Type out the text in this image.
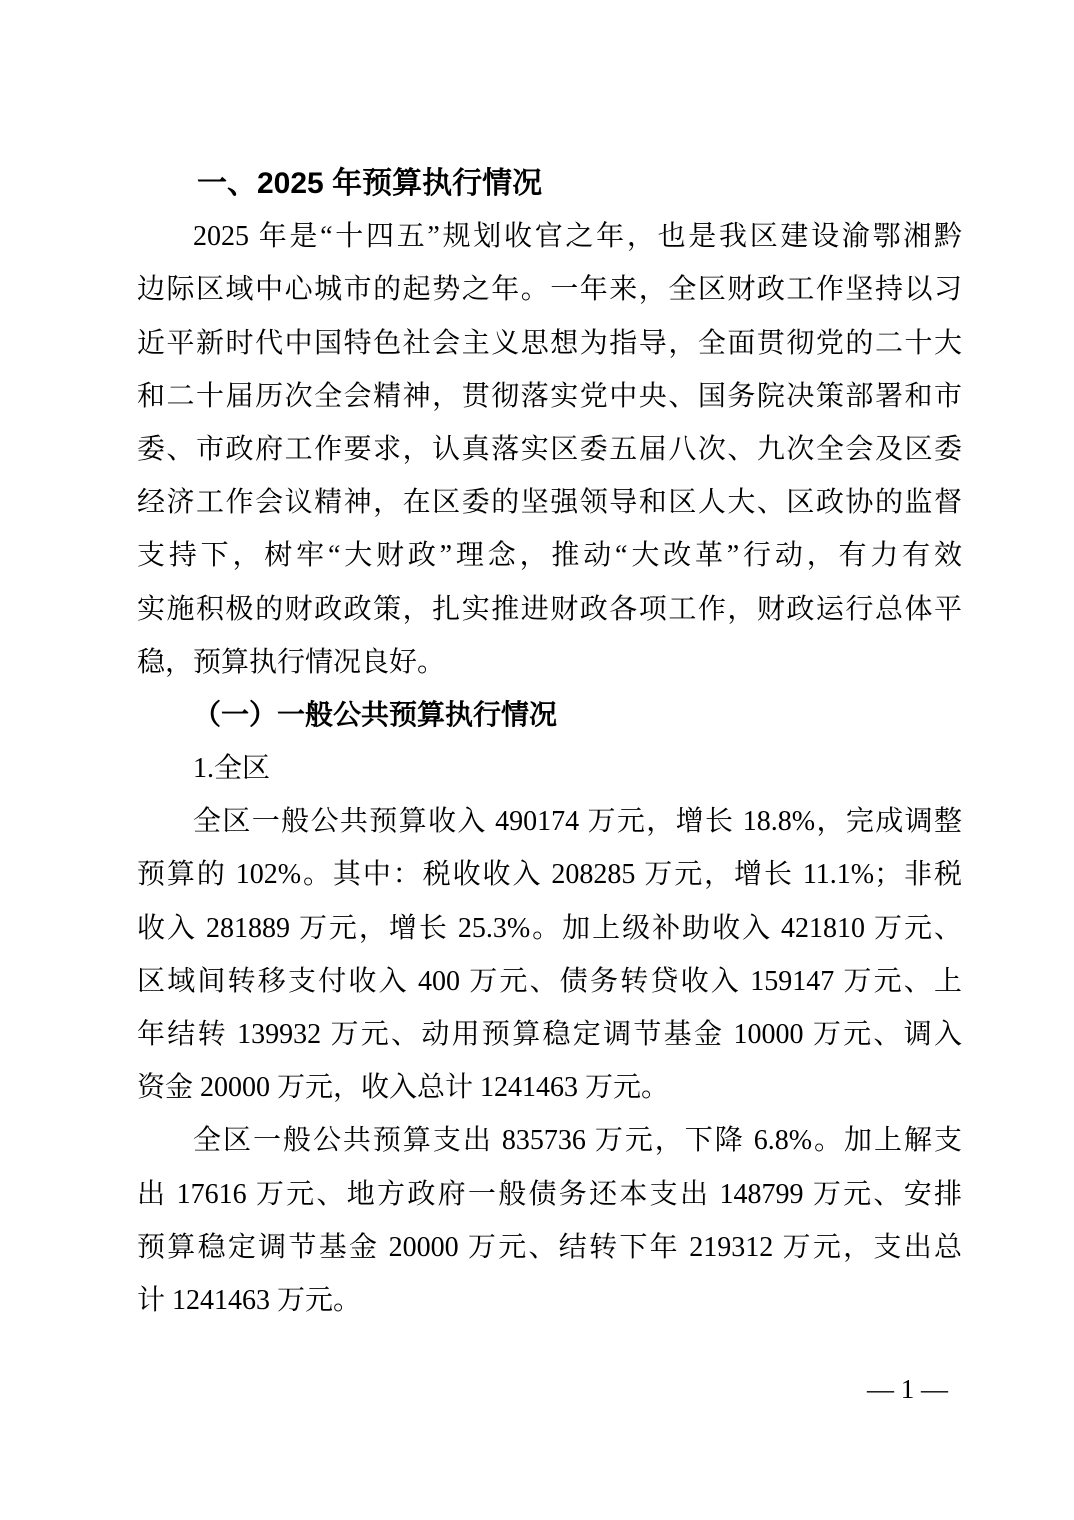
一、2025 年预算执行情况
2025 年是“十四五”规划收官之年，也是我区建设渝鄂湘黔
边际区域中心城市的起势之年。一年来，全区财政工作坚持以习
近平新时代中国特色社会主义思想为指导，全面贯彻党的二十大
和二十届历次全会精神，贯彻落实党中央、国务院决策部署和市
委、市政府工作要求，认真落实区委五届八次、九次全会及区委
经济工作会议精神，在区委的坚强领导和区人大、区政协的监督
支持下，树牢“大财政”理念，推动“大改革”行动，有力有效
实施积极的财政政策，扎实推进财政各项工作，财政运行总体平
稳，预算执行情况良好。
（一）一般公共预算执行情况
1.全区
全区一般公共预算收入 490174 万元，增长 18.8%，完成调整
预算的 102%。其中：税收收入 208285 万元，增长 11.1%；非税
收入 281889 万元，增长 25.3%。加上级补助收入 421810 万元、
区域间转移支付收入 400 万元、债务转贷收入 159147 万元、上
年结转 139932 万元、动用预算稳定调节基金 10000 万元、调入
资金 20000 万元，收入总计 1241463 万元。
全区一般公共预算支出 835736 万元，下降 6.8%。加上解支
出 17616 万元、地方政府一般债务还本支出 148799 万元、安排
预算稳定调节基金 20000 万元、结转下年 219312 万元，支出总
计 1241463 万元。
— 1 —
